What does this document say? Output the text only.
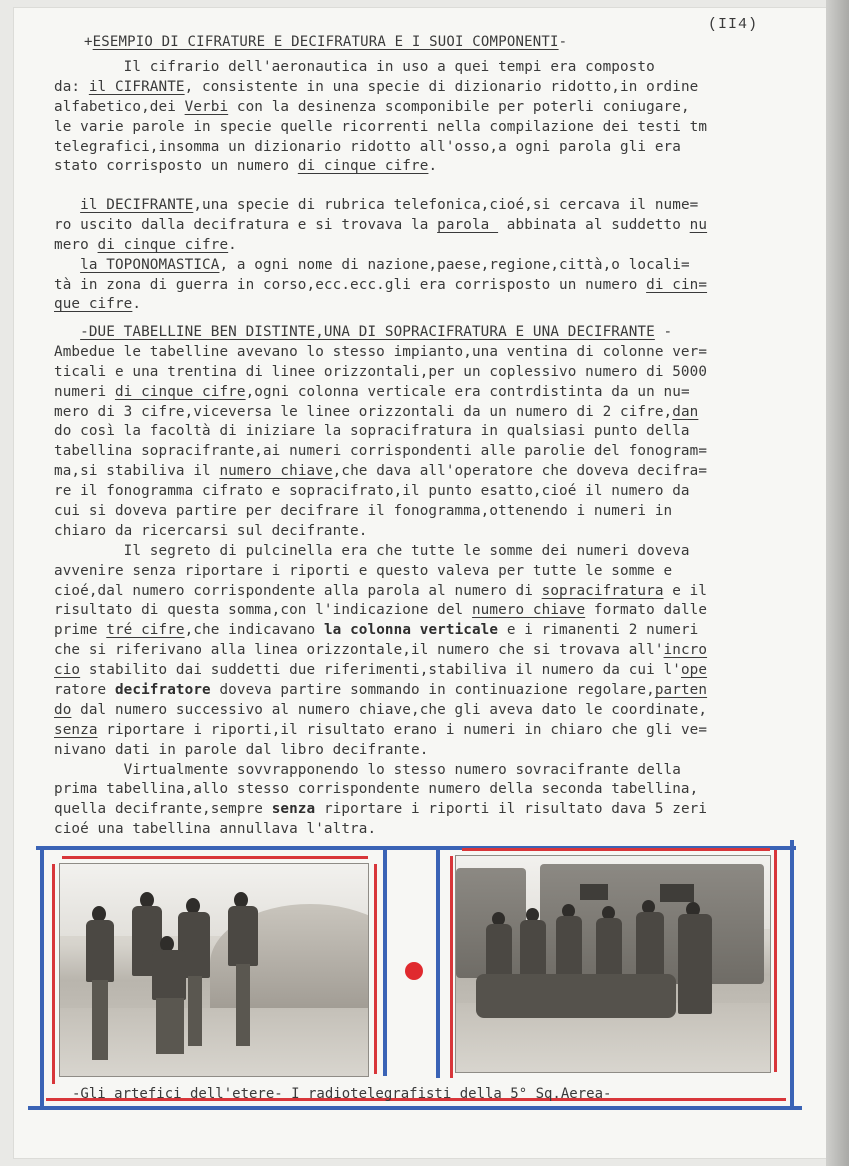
(II4)
+ESEMPIO DI CIFRATURE E DECIFRATURA E I SUOI COMPONENTI-
Il cifrario dell'aeronautica in uso a quei tempi era composto
da: il CIFRANTE, consistente in una specie di dizionario ridotto,in ordine
alfabetico,dei Verbi con la desinenza scomponibile per poterli coniugare,
le varie parole in specie quelle ricorrenti nella compilazione dei testi tm
telegrafici,insomma un dizionario ridotto all'osso,a ogni parola gli era
stato corrisposto un numero di cinque cifre.
il DECIFRANTE,una specie di rubrica telefonica,cioé,si cercava il nume=
ro uscito dalla decifratura e si trovava la parola  abbinata al suddetto nu
mero di cinque cifre.
la TOPONOMASTICA, a ogni nome di nazione,paese,regione,città,o locali=
tà in zona di guerra in corso,ecc.ecc.gli era corrisposto un numero di cin=
que cifre.
-DUE TABELLINE BEN DISTINTE,UNA DI SOPRACIFRATURA E UNA DECIFRANTE -
Ambedue le tabelline avevano lo stesso impianto,una ventina di colonne ver=
ticali e una trentina di linee orizzontali,per un coplessivo numero di 5000
numeri di cinque cifre,ogni colonna verticale era contrdistinta da un nu=
mero di 3 cifre,viceversa le linee orizzontali da un numero di 2 cifre,dan
do così la facoltà di iniziare la sopracifratura in qualsiasi punto della
tabellina sopracifrante,ai numeri corrispondenti alle parolie del fonogram=
ma,si stabiliva il numero chiave,che dava all'operatore che doveva decifra=
re il fonogramma cifrato e sopracifrato,il punto esatto,cioé il numero da
cui si doveva partire per decifrare il fonogramma,ottenendo i numeri in
chiaro da ricercarsi sul decifrante.
Il segreto di pulcinella era che tutte le somme dei numeri doveva
avvenire senza riportare i riporti e questo valeva per tutte le somme e
cioé,dal numero corrispondente alla parola al numero di sopracifratura e il
risultato di questa somma,con l'indicazione del numero chiave formato dalle
prime tré cifre,che indicavano la colonna verticale e i rimanenti 2 numeri
che si riferivano alla linea orizzontale,il numero che si trovava all'incro
cio stabilito dai suddetti due riferimenti,stabiliva il numero da cui l'ope
ratore decifratore doveva partire sommando in continuazione regolare,parten
do dal numero successivo al numero chiave,che gli aveva dato le coordinate,
senza riportare i riporti,il risultato erano i numeri in chiaro che gli ve=
nivano dati in parole dal libro decifrante.
Virtualmente sovvrapponendo lo stesso numero sovracifrante della
prima tabellina,allo stesso corrispondente numero della seconda tabellina,
quella decifrante,sempre senza riportare i riporti il risultato dava 5 zeri
cioé una tabellina annullava l'altra.
-Gli artefici dell'etere- I radiotelegrafisti della 5° Sq.Aerea-
